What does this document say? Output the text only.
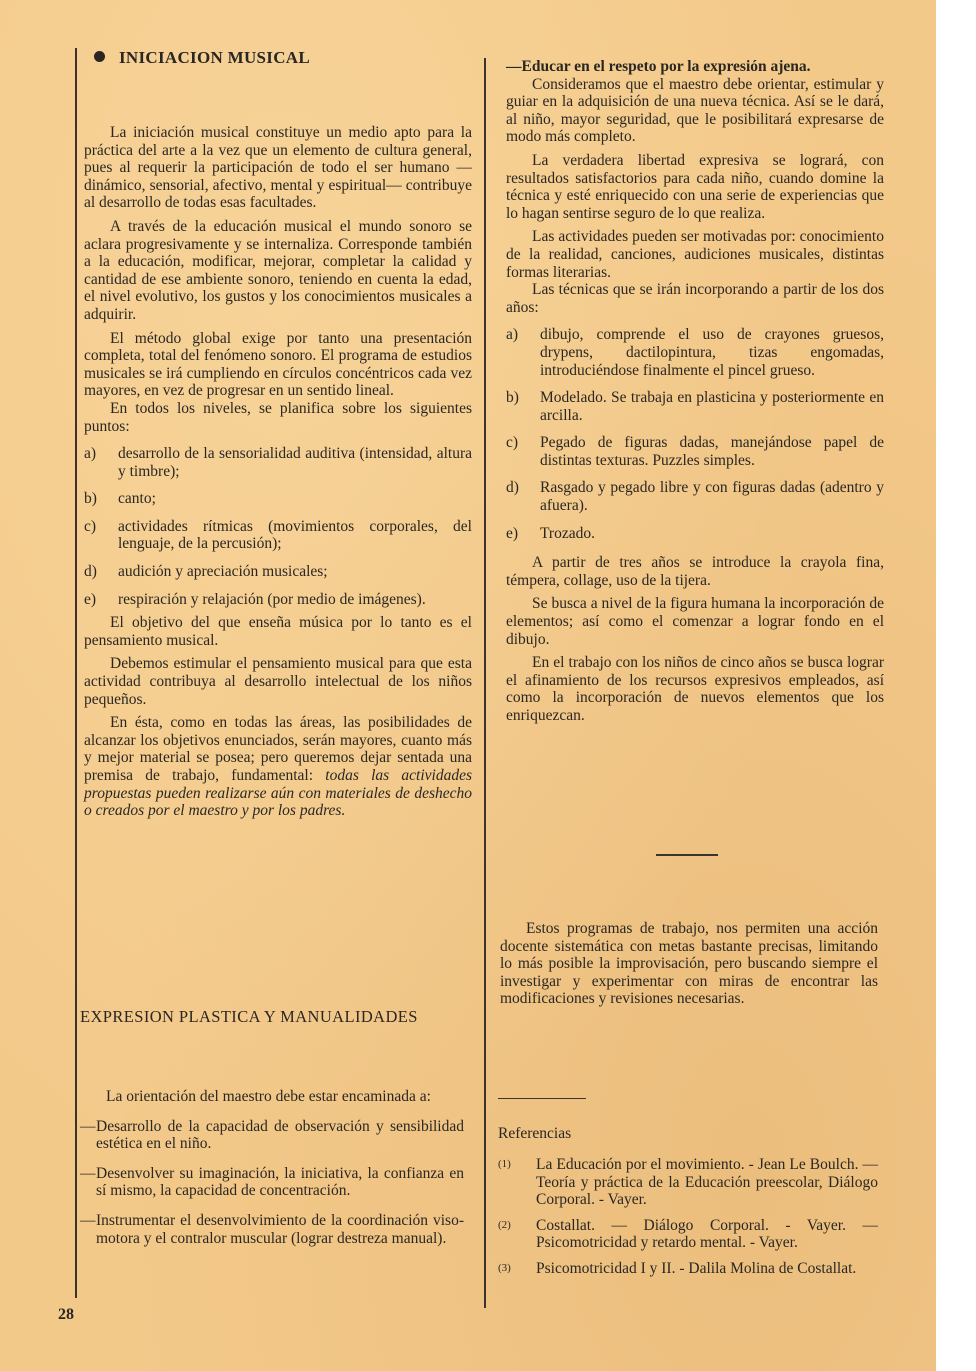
INICIACION MUSICAL

La iniciación musical constituye un medio apto para la práctica del arte a la vez que un elemento de cultura general, pues al requerir la participación de todo el ser humano —dinámico, sensorial, afectivo, mental y espiritual— contribuye al desarrollo de todas esas facultades.

A través de la educación musical el mundo sonoro se aclara progresivamente y se internaliza. Corresponde también a la educación, modificar, mejorar, completar la calidad y cantidad de ese ambiente sonoro, teniendo en cuenta la edad, el nivel evolutivo, los gustos y los conocimientos musicales a adquirir.

El método global exige por tanto una presentación completa, total del fenómeno sonoro. El programa de estudios musicales se irá cumpliendo en círculos concéntricos cada vez mayores, en vez de progresar en un sentido lineal.

En todos los niveles, se planifica sobre los siguientes puntos:

a)	desarrollo de la sensorialidad auditiva (intensidad, altura y timbre);
b)	canto;
c)	actividades rítmicas (movimientos corporales, del lenguaje, de la percusión);
d)	audición y apreciación musicales;
e)	respiración y relajación (por medio de imágenes).

El objetivo del que enseña música por lo tanto es el pensamiento musical.

Debemos estimular el pensamiento musical para que esta actividad contribuya al desarrollo intelectual de los niños pequeños.

En ésta, como en todas las áreas, las posibilidades de alcanzar los objetivos enunciados, serán mayores, cuanto más y mejor material se posea; pero queremos dejar sentada una premisa de trabajo, fundamental: todas las actividades propuestas pueden realizarse aún con materiales de deshecho o creados por el maestro y por los padres.

EXPRESION PLASTICA Y MANUALIDADES

La orientación del maestro debe estar encaminada a:

— Desarrollo de la capacidad de observación y sensibilidad estética en el niño.
— Desenvolver su imaginación, la iniciativa, la confianza en sí mismo, la capacidad de concentración.
— Instrumentar el desenvolvimiento de la coordinación viso-motora y el contralor muscular (lograr destreza manual).
28

—Educar en el respeto por la expresión ajena.

Consideramos que el maestro debe orientar, estimular y guiar en la adquisición de una nueva técnica. Así se le dará, al niño, mayor seguridad, que le posibilitará expresarse de modo más completo.

La verdadera libertad expresiva se logrará, con resultados satisfactorios para cada niño, cuando domine la técnica y esté enriquecido con una serie de experiencias que lo hagan sentirse seguro de lo que realiza.

Las actividades pueden ser motivadas por: conocimiento de la realidad, canciones, audiciones musicales, distintas formas literarias.

Las técnicas que se irán incorporando a partir de los dos años:

a)	dibujo, comprende el uso de crayones gruesos, drypens, dactilopintura, tizas engomadas, introduciéndose finalmente el pincel grueso.
b)	Modelado. Se trabaja en plasticina y posteriormente en arcilla.
c)	Pegado de figuras dadas, manejándose papel de distintas texturas. Puzzles simples.
d)	Rasgado y pegado libre y con figuras dadas (adentro y afuera).
e)	Trozado.

A partir de tres años se introduce la crayola fina, témpera, collage, uso de la tijera.

Se busca a nivel de la figura humana la incorporación de elementos; así como el comenzar a lograr fondo en el dibujo.

En el trabajo con los niños de cinco años se busca lograr el afinamiento de los recursos expresivos empleados, así como la incorporación de nuevos elementos que los enriquezcan.

Estos programas de trabajo, nos permiten una acción docente sistemática con metas bastante precisas, limitando lo más posible la improvisación, pero buscando siempre el investigar y experimentar con miras de encontrar las modificaciones y revisiones necesarias.

Referencias
(1)	La Educación por el movimiento. - Jean Le Boulch. — Teoría y práctica de la Educación preescolar, Diálogo Corporal. - Vayer.
(2)	Costallat. — Diálogo Corporal. - Vayer. — Psicomotricidad y retardo mental. - Vayer.
(3)	Psicomotricidad I y II. - Dalila Molina de Costallat.
